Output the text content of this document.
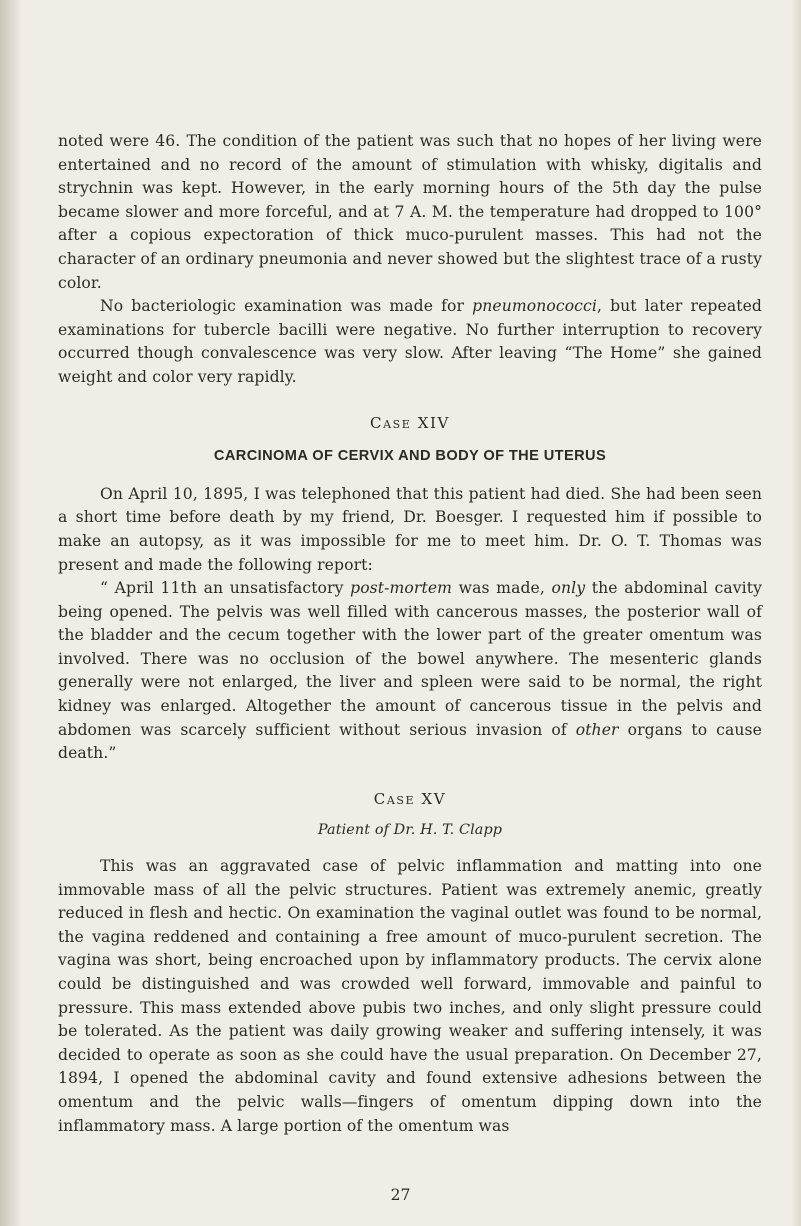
noted were 46. The condition of the patient was such that no hopes of her living were entertained and no record of the amount of stimulation with whisky, digitalis and strychnin was kept. However, in the early morning hours of the 5th day the pulse became slower and more forceful, and at 7 A. M. the temperature had dropped to 100° after a copious expectoration of thick muco-purulent masses. This had not the character of an ordinary pneumonia and never showed but the slightest trace of a rusty color.

No bacteriologic examination was made for pneumonococci, but later repeated examinations for tubercle bacilli were negative. No further interruption to recovery occurred though convalescence was very slow. After leaving “The Home” she gained weight and color very rapidly.

Case XIV
CARCINOMA OF CERVIX AND BODY OF THE UTERUS

On April 10, 1895, I was telephoned that this patient had died. She had been seen a short time before death by my friend, Dr. Boesger. I requested him if possible to make an autopsy, as it was impossible for me to meet him. Dr. O. T. Thomas was present and made the following report:

“ April 11th an unsatisfactory post-mortem was made, only the abdominal cavity being opened. The pelvis was well filled with cancerous masses, the posterior wall of the bladder and the cecum together with the lower part of the greater omentum was involved. There was no occlusion of the bowel anywhere. The mesenteric glands generally were not enlarged, the liver and spleen were said to be normal, the right kidney was enlarged. Altogether the amount of cancerous tissue in the pelvis and abdomen was scarcely sufficient without serious invasion of other organs to cause death.”

Case XV
Patient of Dr. H. T. Clapp

This was an aggravated case of pelvic inflammation and matting into one immovable mass of all the pelvic structures. Patient was extremely anemic, greatly reduced in flesh and hectic. On examination the vaginal outlet was found to be normal, the vagina reddened and containing a free amount of muco-purulent secretion. The vagina was short, being encroached upon by inflammatory products. The cervix alone could be distinguished and was crowded well forward, immovable and painful to pressure. This mass extended above pubis two inches, and only slight pressure could be tolerated. As the patient was daily growing weaker and suffering intensely, it was decided to operate as soon as she could have the usual preparation. On December 27, 1894, I opened the abdominal cavity and found extensive adhesions between the omentum and the pelvic walls—fingers of omentum dipping down into the inflammatory mass. A large portion of the omentum was

27
